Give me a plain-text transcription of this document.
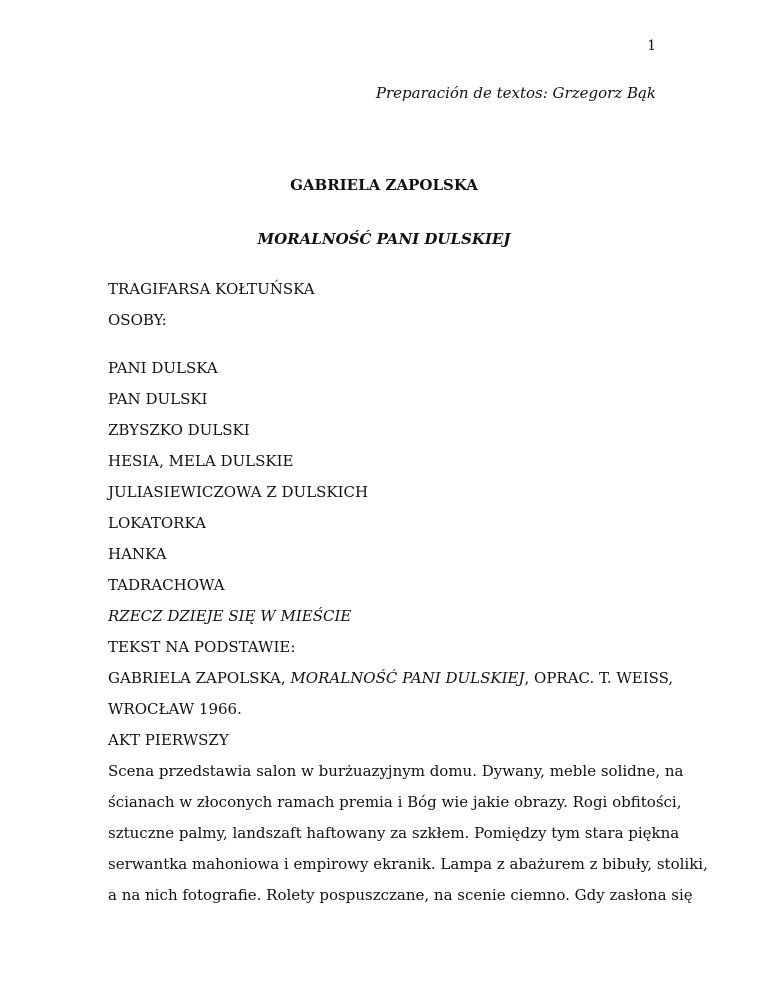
1
Preparación de textos: Grzegorz Bąk
GABRIELA ZAPOLSKA
MORALNOŚĆ PANI DULSKIEJ
TRAGIFARSA KOŁTUŃSKA
OSOBY:
PANI DULSKA
PAN DULSKI
ZBYSZKO DULSKI
HESIA, MELA DULSKIE
JULIASIEWICZOWA Z DULSKICH
LOKATORKA
HANKA
TADRACHOWA
RZECZ DZIEJE SIĘ W MIEŚCIE
TEKST NA PODSTAWIE:
GABRIELA ZAPOLSKA, MORALNOŚĆ PANI DULSKIEJ, OPRAC. T. WEISS,
WROCŁAW 1966.
AKT PIERWSZY
Scena przedstawia salon w burżuazyjnym domu. Dywany, meble solidne, na
ścianach w złoconych ramach premia i Bóg wie jakie obrazy. Rogi obfitości,
sztuczne palmy, landszaft haftowany za szkłem. Pomiędzy tym stara piękna
serwantka mahoniowa i empirowy ekranik. Lampa z abażurem z bibuły, stoliki,
a na nich fotografie. Rolety pospuszczane, na scenie ciemno. Gdy zasłona się
